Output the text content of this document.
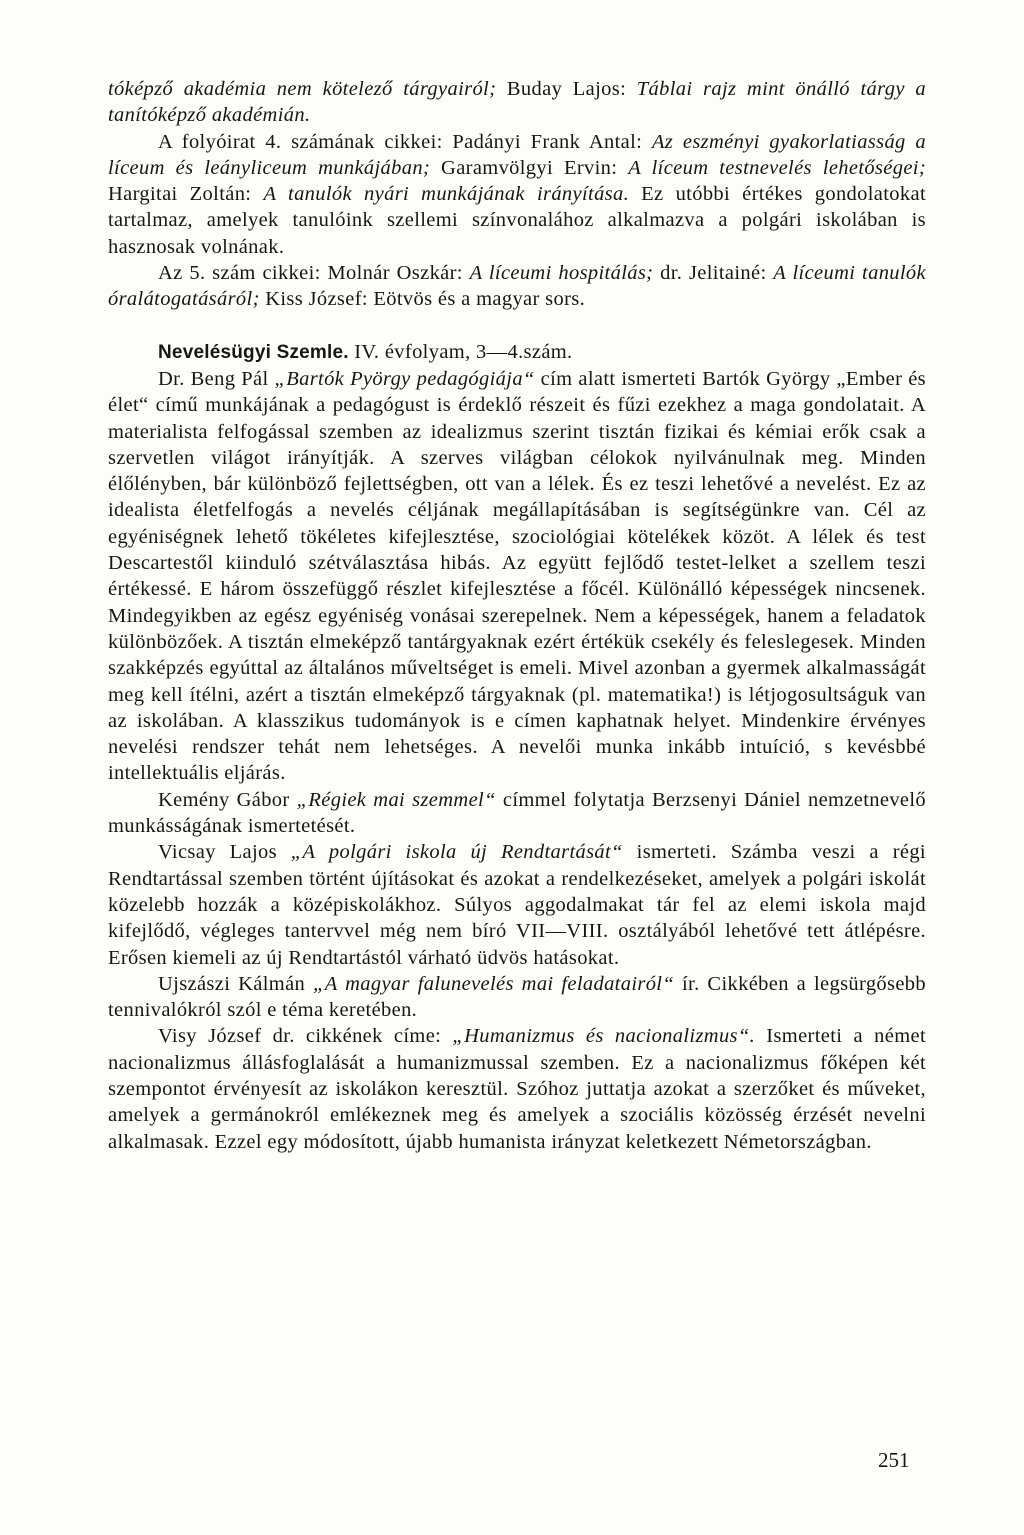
tóképző akadémia nem kötelező tárgyairól; Buday Lajos: Táblai rajz mint önálló tárgy a tanítóképző akadémián.

A folyóirat 4. számának cikkei: Padányi Frank Antal: Az eszményi gyakorlatiasság a líceum és leányliceum munkájában; Garamvölgyi Ervin: A líceum testnevelés lehetőségei; Hargitai Zoltán: A tanulók nyári munkájának irányítása. Ez utóbbi értékes gondolatokat tartalmaz, amelyek tanulóink szellemi színvonalához alkalmazva a polgári iskolában is hasznosak volnának.

Az 5. szám cikkei: Molnár Oszkár: A líceumi hospitálás; dr. Jelitainé: A líceumi tanulók óralátogatásáról; Kiss József: Eötvös és a magyar sors.

Nevelésügyi Szemle. IV. évfolyam, 3—4.szám.

Dr. Beng Pál „Bartók Pyörgy pedagógiája“ cím alatt ismerteti Bartók György „Ember és élet“ című munkájának a pedagógust is érdeklő részeit és fűzi ezekhez a maga gondolatait. A materialista felfogással szemben az idealizmus szerint tisztán fizikai és kémiai erők csak a szervetlen világot irányítják. A szerves világban célokok nyilvánulnak meg. Minden élőlényben, bár különböző fejlettségben, ott van a lélek. És ez teszi lehetővé a nevelést. Ez az idealista életfelfogás a nevelés céljának megállapításában is segítségünkre van. Cél az egyéniségnek lehető tökéletes kifejlesztése, szociológiai kötelékek közöt. A lélek és test Descartestől kiinduló szétválasztása hibás. Az együtt fejlődő testet-lelket a szellem teszi értékessé. E három összefüggő részlet kifejlesztése a főcél. Különálló képességek nincsenek. Mindegyikben az egész egyéniség vonásai szerepelnek. Nem a képességek, hanem a feladatok különbözőek. A tisztán elmeképző tantárgyaknak ezért értékük csekély és feleslegesek. Minden szakképzés egyúttal az általános műveltséget is emeli. Mivel azonban a gyermek alkalmasságát meg kell ítélni, azért a tisztán elmeképző tárgyaknak (pl. matematika!) is létjogosultságuk van az iskolában. A klasszikus tudományok is e címen kaphatnak helyet. Mindenkire érvényes nevelési rendszer tehát nem lehetséges. A nevelői munka inkább intuíció, s kevésbbé intellektuális eljárás.

Kemény Gábor „Régiek mai szemmel“ címmel folytatja Berzsenyi Dániel nemzetnevelő munkásságának ismertetését.

Vicsay Lajos „A polgári iskola új Rendtartását“ ismerteti. Számba veszi a régi Rendtartással szemben történt újításokat és azokat a rendelkezéseket, amelyek a polgári iskolát közelebb hozzák a középiskolákhoz. Súlyos aggodalmakat tár fel az elemi iskola majd kifejlődő, végleges tantervvel még nem bíró VII—VIII. osztályából lehetővé tett átlépésre. Erősen kiemeli az új Rendtartástól várható üdvös hatásokat.

Ujszászi Kálmán „A magyar falunevelés mai feladatairól“ ír. Cikkében a legsürgősebb tennivalókról szól e téma keretében.

Visy József dr. cikkének címe: „Humanizmus és nacionalizmus“. Ismerteti a német nacionalizmus állásfoglalását a humanizmussal szemben. Ez a nacionalizmus főképen két szempontot érvényesít az iskolákon keresztül. Szóhoz juttatja azokat a szerzőket és műveket, amelyek a germánokról emlékeznek meg és amelyek a szociális közösség érzését nevelni alkalmasak. Ezzel egy módosított, újabb humanista irányzat keletkezett Németországban.

251
